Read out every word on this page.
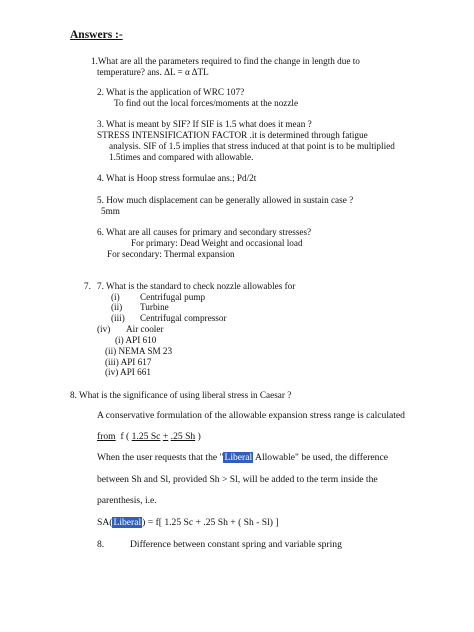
Answers :-
1.What are all the parameters required to find the change in length due to
temperature? ans. ΔL = α ΔTL
2. What is the application of WRC 107?
To find out the local forces/moments at the nozzle
3. What is meant by SIF? If SIF is 1.5 what does it mean ?
STRESS INTENSIFICATION FACTOR .it is determined through fatigue
analysis. SIF of 1.5 implies that stress induced at that point is to be multiplied
1.5times and compared with allowable.
4. What is Hoop stress formulae ans.; Pd/2t
5. How much displacement can be generally allowed in sustain case ?
5mm
6. What are all causes for primary and secondary stresses?
For primary: Dead Weight and occasional load
For secondary: Thermal expansion
7. 7. What is the standard to check nozzle allowables for
(i) Centrifugal pump
(ii) Turbine
(iii) Centrifugal compressor
(iv) Air cooler
(i) API 610
(ii) NEMA SM 23
(iii) API 617
(iv) API 661
8. What is the significance of using liberal stress in Caesar ?
A conservative formulation of the allowable expansion stress range is calculated
from f ( 1.25 Sc + .25 Sh )
When the user requests that the "Liberal Allowable" be used, the difference
between Sh and Sl, provided Sh > Sl, will be added to the term inside the
parenthesis, i.e.
SA(Liberal) = f[ 1.25 Sc + .25 Sh + ( Sh - Sl) ]
8.	Difference between constant spring and variable spring
